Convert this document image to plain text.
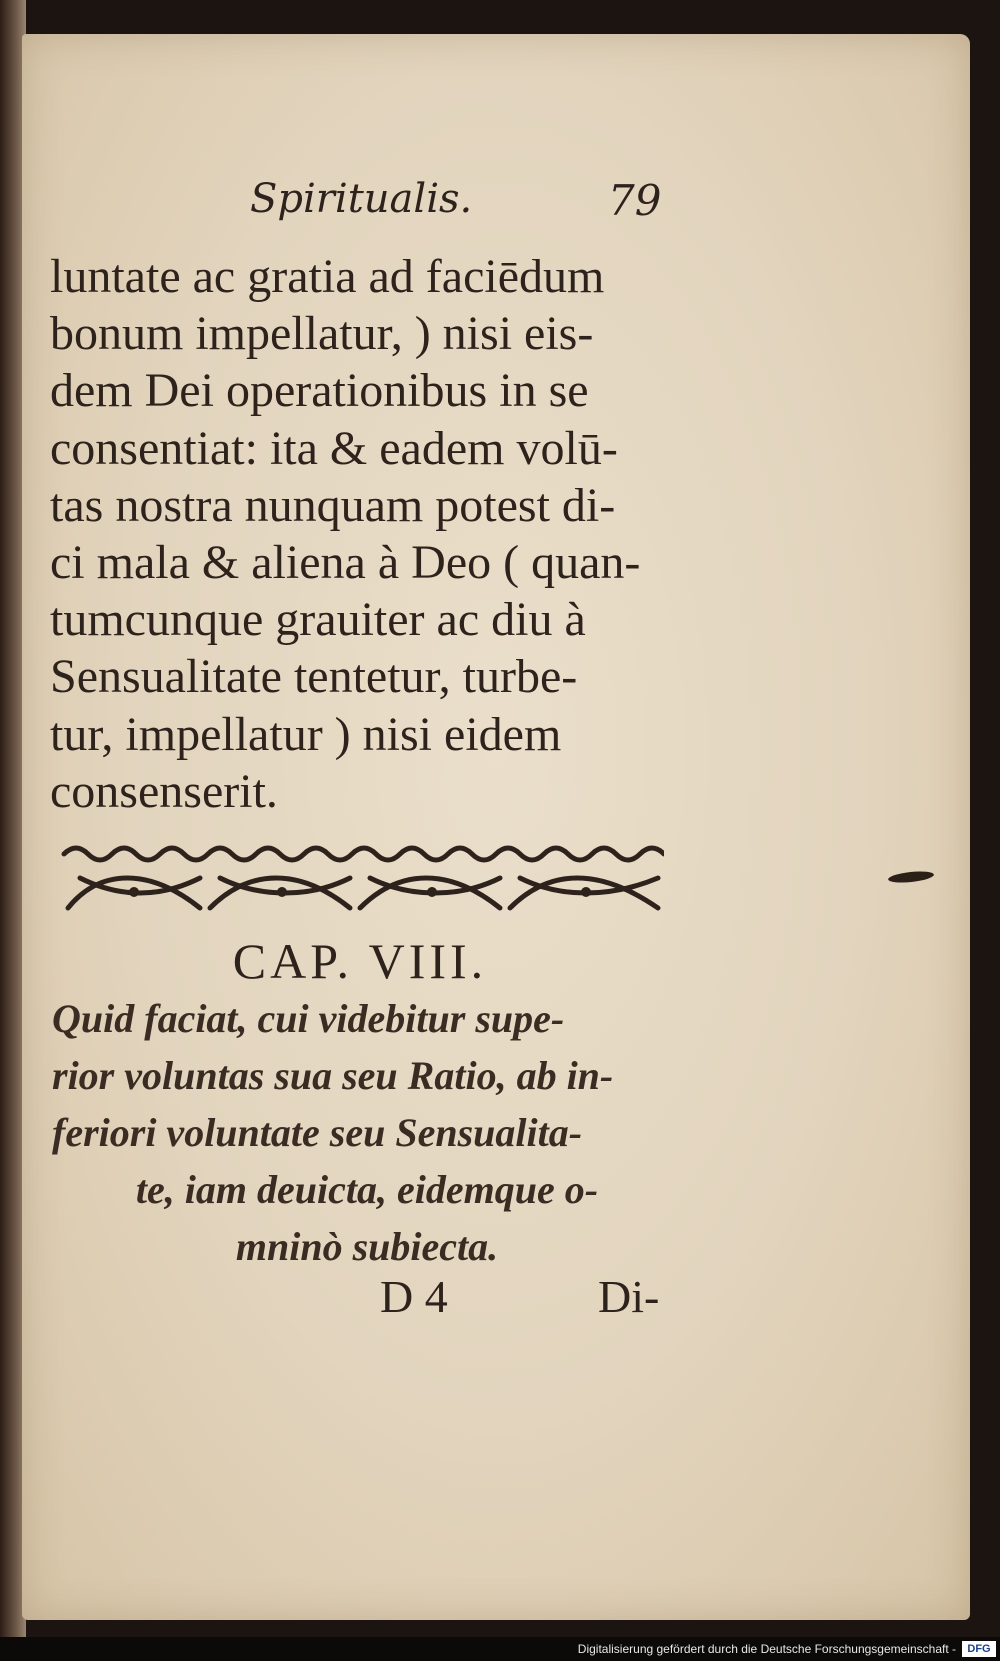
Spiritualis.	79
luntate ac gratia ad faciēdum
bonum impellatur, ) nisi eis-
dem Dei operationibus in se
consentiat: ita & eadem volū-
tas nostra nunquam potest di-
ci mala & aliena à Deo ( quan-
tumcunque grauiter ac diu à
Sensualitate tentetur, turbe-
tur, impellatur ) nisi eidem
consenserit.
CAP. VIII.
Quid faciat, cui videbitur supe-
rior voluntas sua seu Ratio, ab in-
feriori voluntate seu Sensualita-
te, iam deuicta, eidemque o-
mninò subiecta.
D 4	Di-
Digitalisierung gefördert durch die Deutsche Forschungsgemeinschaft -	DFG
